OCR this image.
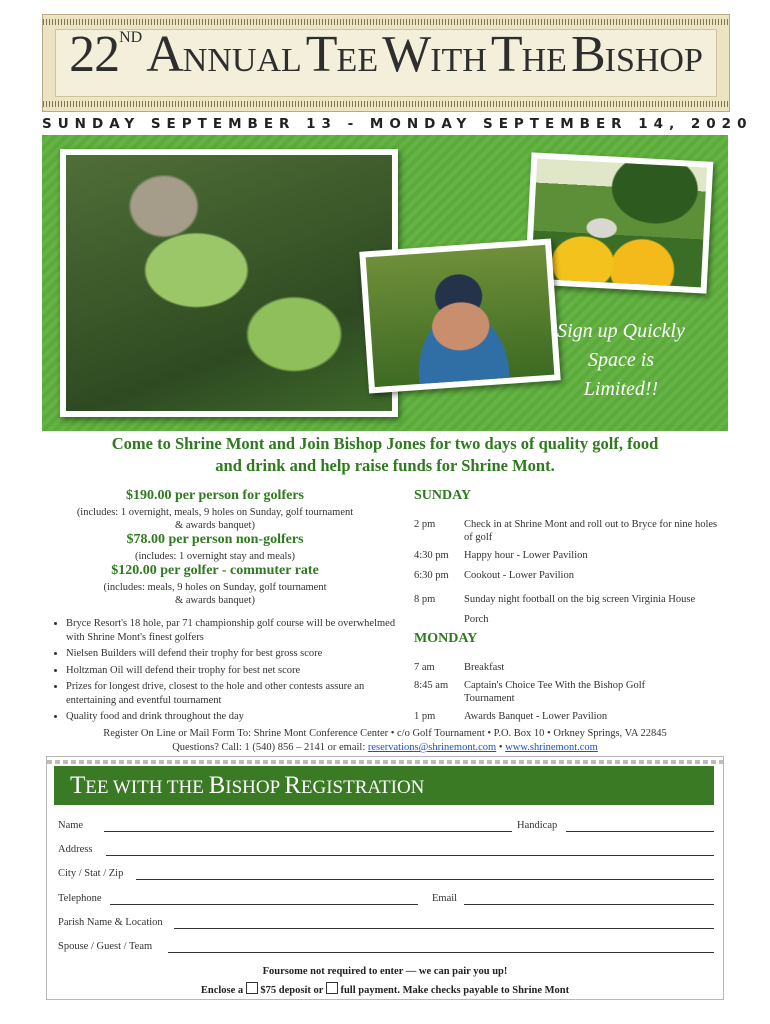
22ND ANNUAL TEE WITH THE BISHOP
SUNDAY SEPTEMBER 13 - MONDAY SEPTEMBER 14, 2020
Sign up Quickly
Space is
Limited!!
Come to Shrine Mont and Join Bishop Jones for two days of quality golf, food
and drink and help raise funds for Shrine Mont.
$190.00 per person for golfers
(includes: 1 overnight, meals, 9 holes on Sunday, golf tournament
& awards banquet)
$78.00 per person non-golfers
(includes: 1 overnight stay and meals)
$120.00 per golfer - commuter rate
(includes: meals, 9 holes on Sunday, golf tournament
& awards banquet)
• Bryce Resort's 18 hole, par 71 championship golf course will be overwhelmed with Shrine Mont's finest golfers
• Nielsen Builders will defend their trophy for best gross score
• Holtzman Oil will defend their trophy for best net score
• Prizes for longest drive, closest to the hole and other contests assure an entertaining and eventful tournament
• Quality food and drink throughout the day
SUNDAY
2 pm	Check in at Shrine Mont and roll out to Bryce for nine holes of golf
4:30 pm	Happy hour - Lower Pavilion
6:30 pm	Cookout - Lower Pavilion
8 pm	Sunday night football on the big screen Virginia House Porch
MONDAY
7 am	Breakfast
8:45 am	Captain's Choice Tee With the Bishop Golf Tournament
1 pm	Awards Banquet - Lower Pavilion
Register On Line or Mail Form To: Shrine Mont Conference Center • c/o Golf Tournament • P.O. Box 10 • Orkney Springs, VA 22845
Questions? Call: 1 (540) 856 – 2141 or email: reservations@shrinemont.com • www.shrinemont.com
TEE WITH THE BISHOP REGISTRATION
Name	Handicap
Address
City / Stat / Zip
Telephone	Email
Parish Name & Location
Spouse / Guest / Team
Foursome not required to enter — we can pair you up!
Enclose a  $75 deposit or  full payment. Make checks payable to Shrine Mont
